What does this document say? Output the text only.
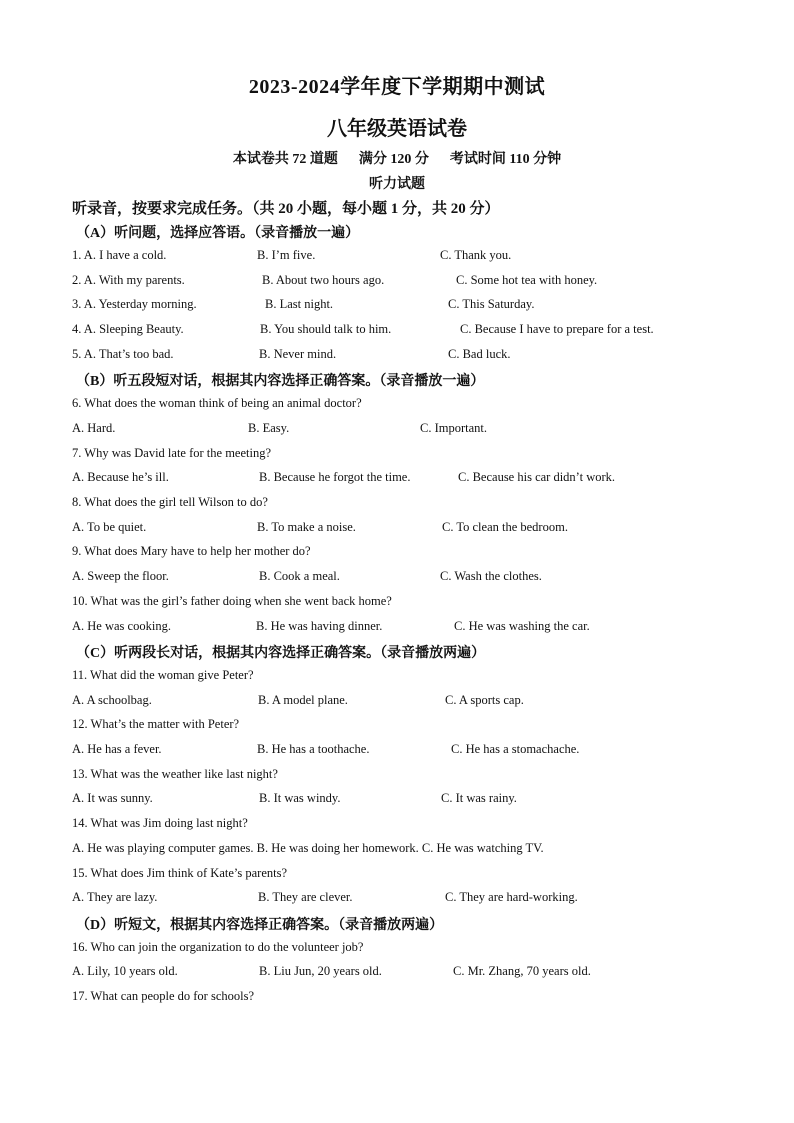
2023-2024学年度下学期期中测试
八年级英语试卷
本试卷共 72 道题      满分 120 分      考试时间 110 分钟
听力试题
听录音，按要求完成任务。（共 20 小题，每小题 1 分，共 20 分）
（A）听问题，选择应答语。（录音播放一遍）
1. A. I have a cold.	B. I’m five.	C. Thank you.
2. A. With my parents.	B. About two hours ago.	C. Some hot tea with honey.
3. A. Yesterday morning.	B. Last night.	C. This Saturday.
4. A. Sleeping Beauty.	B. You should talk to him.	C. Because I have to prepare for a test.
5. A. That’s too bad.	B. Never mind.	C. Bad luck.
（B）听五段短对话，根据其内容选择正确答案。（录音播放一遍）
6. What does the woman think of being an animal doctor?
A. Hard.	B. Easy.	C. Important.
7. Why was David late for the meeting?
A. Because he’s ill.	B. Because he forgot the time.	C. Because his car didn’t work.
8. What does the girl tell Wilson to do?
A. To be quiet.	B. To make a noise.	C. To clean the bedroom.
9. What does Mary have to help her mother do?
A. Sweep the floor.	B. Cook a meal.	C. Wash the clothes.
10. What was the girl’s father doing when she went back home?
A. He was cooking.	B. He was having dinner.	C. He was washing the car.
（C）听两段长对话，根据其内容选择正确答案。（录音播放两遍）
11. What did the woman give Peter?
A. A schoolbag.	B. A model plane.	C. A sports cap.
12. What’s the matter with Peter?
A. He has a fever.	B. He has a toothache.	C. He has a stomachache.
13. What was the weather like last night?
A. It was sunny.	B. It was windy.	C. It was rainy.
14. What was Jim doing last night?
A. He was playing computer games. B. He was doing her homework. C. He was watching TV.
15. What does Jim think of Kate’s parents?
A. They are lazy.	B. They are clever.	C. They are hard-working.
（D）听短文，根据其内容选择正确答案。（录音播放两遍）
16. Who can join the organization to do the volunteer job?
A. Lily, 10 years old.	B. Liu Jun, 20 years old.	C. Mr. Zhang, 70 years old.
17. What can people do for schools?
